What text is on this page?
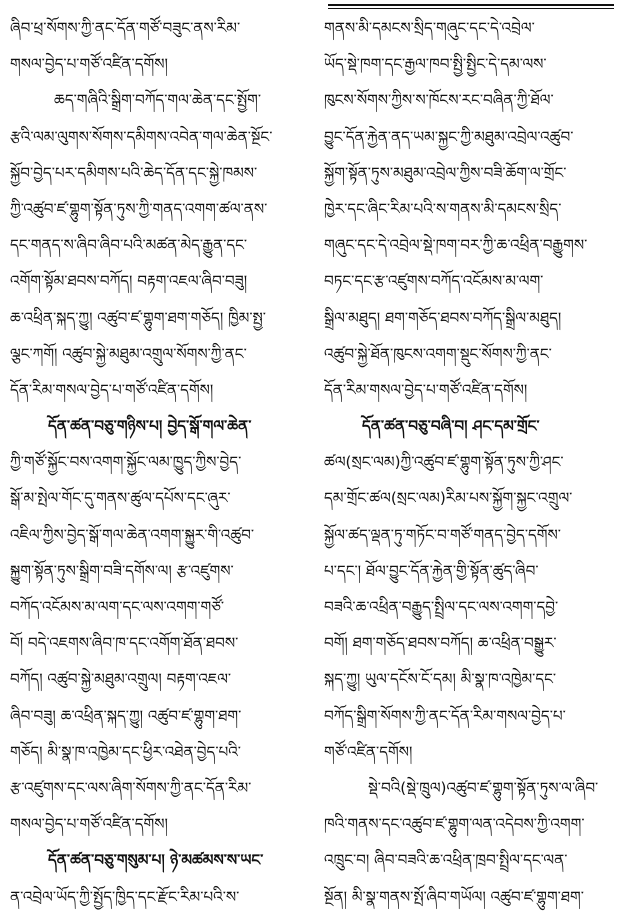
ཞིབ་ཕྲ་སོགས་ཀྱི་ནང་དོན་གཙོ་བཟུང་ནས་རིམ་
གསལ་བྱེད་པ་གཙོ་འཛིན་དགོས།
ཆད་གཞིའི་སྒྲིག་བཀོད་གལ་ཆེན་དང་སྤྱོག་
རྩའི་ལམ་ལུགས་སོགས་དམིགས་འབེན་གལ་ཆེན་སྔོང་
སྐྱོབ་བྱེད་པར་དམིགས་པའི་ཆེད་དོན་དང་སྐྱེ་ཁམས་
ཀྱི་འཚུབ་ཛ་གྷུག་སྟོན་ཏུས་ཀྱི་གནད་འགག་ཚལ་ནས་
དང་གནད་ས་ཞིབ་ཞིབ་པའི་མཚན་མེད་རྒྱུན་དང་
འགོག་སྟོམ་ཐབས་བཀོད། བརྟག་འཇལ་ཞིབ་བཟུ།
ཆ་འཕྲིན་སྐད་ཀྱུ། འཚུབ་ཛ་གྷུག་ཐག་གཅོད། ཁྱིམ་སྤྱ་
ལྕང་ཀགོ། འཚུབ་སྐྱེ་མཐུམ་འགྲུལ་སོགས་ཀྱི་ནང་
དོན་རིམ་གསལ་བྱེད་པ་གཙོ་འཛིན་དགོས།
དོན་ཚན་བཅུ་གཉིས་པ། བྱེད་སྒོ་གལ་ཆེན་
ཀྱི་གཙོ་སྐྱོང་བས་འགག་སྐྱོང་ལམ་ཁྱུད་ཀྱིས་བྱེད་
སྒོ་མ་སྤེལ་གོང་དུ་གནས་ཚུལ་དཔོས་དང་ཞུར་
འཇིལ་ཀྱིས་བྱེད་སྒོ་གལ་ཆེན་འགག་སྐྱུར་གི་འཚུབ་
སྐྱུག་སྟོན་ཏུས་སྒྲིག་བཟི་དགོས་ལ། རྩ་འཛུགས་
བཀོད་འངོམས་མ་ལག་དང་ལས་འགག་གཙོ་
བོ། བདེ་འཇགས་ཞིབ་ཁ་དང་འགོག་ཐོན་ཐབས་
བཀོད། འཚུབ་སྐྱེ་མཐུམ་འགྲུལ། བརྟག་འཇལ་
ཞིབ་བཟུ། ཆ་འཕྲིན་སྐད་ཀྱུ། འཚུབ་ཛ་གྷུག་ཐག་
གཅོད། མི་སྣ་ཁ་འཁྱེམ་དང་ཕྱིར་འཐེན་བྱེད་པའི་
རྩ་འཛུགས་དང་ལས་ཞིག་སོགས་ཀྱི་ནང་དོན་རིམ་
གསལ་བྱེད་པ་གཙོ་འཛིན་དགོས།
དོན་ཚན་བཅུ་གསུམ་པ། ཉེ་མཚམས་ས་ཡང་
ན་འབྲེལ་ཡོད་ཀྱི་སྤྱོད་ཁྱིད་དང་རྫོང་རིམ་པའི་ས་
གནས་མི་དམངས་སྲིད་གཞུང་དང་དེ་འབྲེལ་
ཡོད་སྡེ་ཁག་དང་རྒྱལ་ཁབ་སྤྱི་སྤྱིང་དེ་དམ་ལས་
ཁུངས་སོགས་ཀྱིས་ས་ཁོངས་རང་བཞིན་ཀྱི་ཐོལ་
བྱུང་དོན་རྐྱེན་ནད་ཡམ་སྐྱང་ཀྱི་མཐུམ་འབྲེལ་འཚུབ་
སྐྱོག་སྟོན་ཏུས་མཐུམ་འབྲེལ་ཀྱིས་བཟི་ཆོག་ལ་གྲོང་
ཁྱེར་དང་ཞིང་རིམ་པའི་ས་གནས་མི་དམངས་སྲིད་
གཞུང་དང་དེ་འབྲེལ་སྡེ་ཁག་བར་ཀྱི་ཆ་འཕྲིན་བརྒྱུགས་
བཏང་དང་རྩ་འཛུགས་བཀོད་འངོམས་མ་ལག་
སྒྲིལ་མཐུད། ཐག་གཅོད་ཐབས་བཀོད་སྒྲིལ་མཐུད།
འཚུབ་སྐྱེ་ཐོན་ཁུངས་འགག་སྡུང་སོགས་ཀྱི་ནང་
དོན་རིམ་གསལ་བྱེད་པ་གཙོ་འཛིན་དགོས།
དོན་ཚན་བཅུ་བཞི་བ། ཤང་དམ་གྲོང་
ཚལ(སྲང་ལམ)ཀྱི་འཚུབ་ཛ་གྷུག་སྟོན་ཏུས་ཀྱི་ཤང་
དམ་གྲོང་ཚལ(སྲང་ལམ)རིམ་པས་སྐྱོག་སྐྱང་འགྲུལ་
སྐྱོལ་ཚད་ལྡན་ཏུ་གཏོང་བ་གཙོ་གནད་བྱེད་དགོས་
པ་དང་། ཐོལ་བྱུང་དོན་རྐྱེན་གྱི་སྟོན་ཚུད་ཞིབ་
བཟའི་ཆ་འཕྲིན་བརྒྱུད་སྤྲིལ་དང་ལས་འགག་དབྱེ་
བགོ། ཐག་གཅོད་ཐབས་བཀོད། ཆ་འཕྲིན་བསྒྱུར་
སྐད་ཀྱུ། ཡུལ་དངོས་ངོ་དམ། མི་སྣ་ཁ་འཁྱེམ་དང་
བཀོད་སྒྲིག་སོགས་ཀྱི་ནང་དོན་རིམ་གསལ་བྱེད་པ་
གཙོ་འཛིན་དགོས།
སྡེ་བའི(སྡེ་ཁྲུལ)འཚུབ་ཛ་གྷུག་སྟོན་ཏུས་ལ་ཞིབ་
ཁའི་གནས་དང་འཚུབ་ཛ་གྷུག་ལན་འདེབས་ཀྱི་འགག་
འཁྲུང་བ། ཞིབ་བཟའི་ཆ་འཕྲིན་ཁྲབ་སྤྲིལ་དང་ལན་
སྔོན། མི་སྣ་གནས་སྤོ་ཞིབ་གཡོལ། འཚུབ་ཛ་གྷུག་ཐག་
